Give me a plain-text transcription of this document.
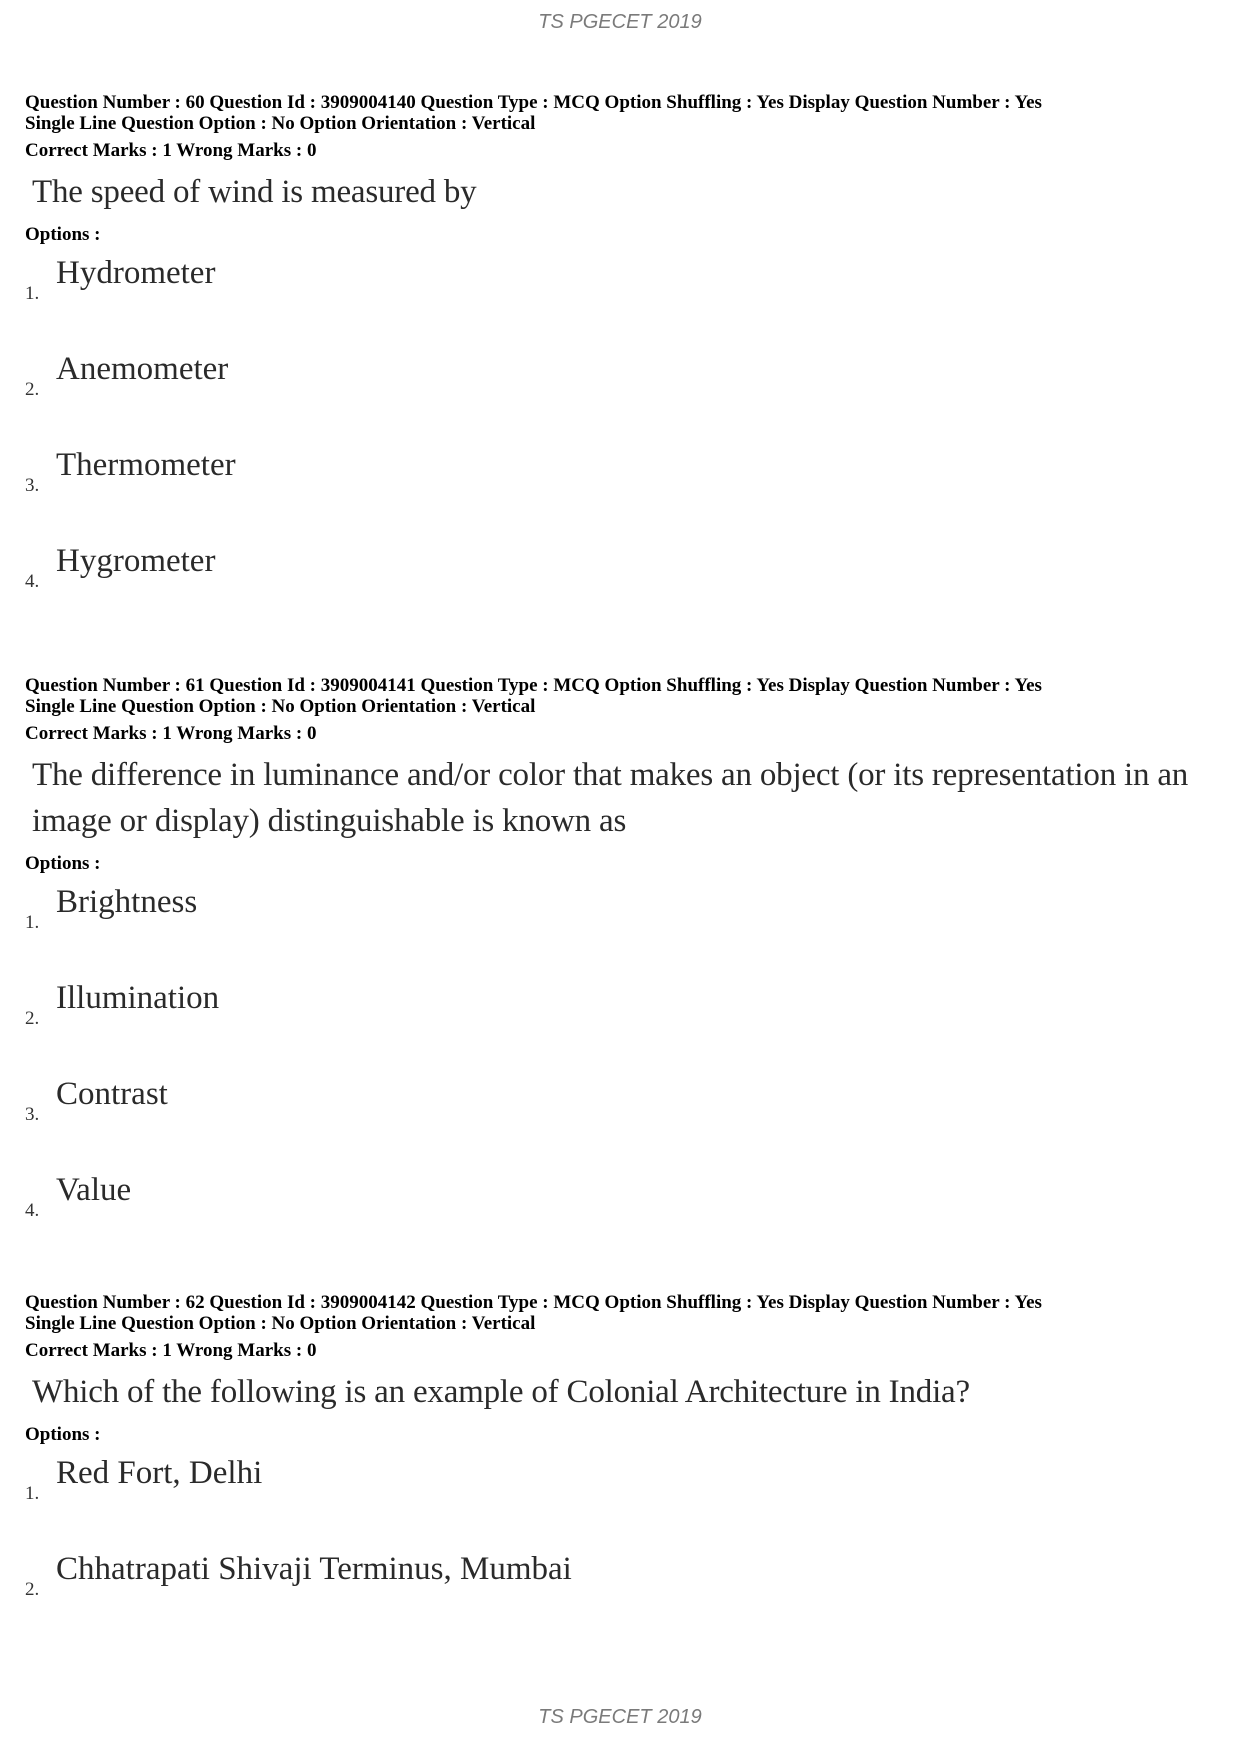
TS PGECET 2019

Question Number : 60 Question Id : 3909004140 Question Type : MCQ Option Shuffling : Yes Display Question Number : Yes

Single Line Question Option : No Option Orientation : Vertical

Correct Marks : 1 Wrong Marks : 0

The speed of wind is measured by
Options :
1.
Hydrometer
2.
Anemometer
3.
Thermometer
4.
Hygrometer

Question Number : 61 Question Id : 3909004141 Question Type : MCQ Option Shuffling : Yes Display Question Number : Yes

Single Line Question Option : No Option Orientation : Vertical

Correct Marks : 1 Wrong Marks : 0

The difference in luminance and/or color that makes an object (or its representation in an image or display) distinguishable is known as
Options :
1.
Brightness
2.
Illumination
3.
Contrast
4.
Value

Question Number : 62 Question Id : 3909004142 Question Type : MCQ Option Shuffling : Yes Display Question Number : Yes

Single Line Question Option : No Option Orientation : Vertical

Correct Marks : 1 Wrong Marks : 0

Which of the following is an example of Colonial Architecture in India?
Options :
1.
Red Fort, Delhi
2.
Chhatrapati Shivaji Terminus, Mumbai
TS PGECET 2019
